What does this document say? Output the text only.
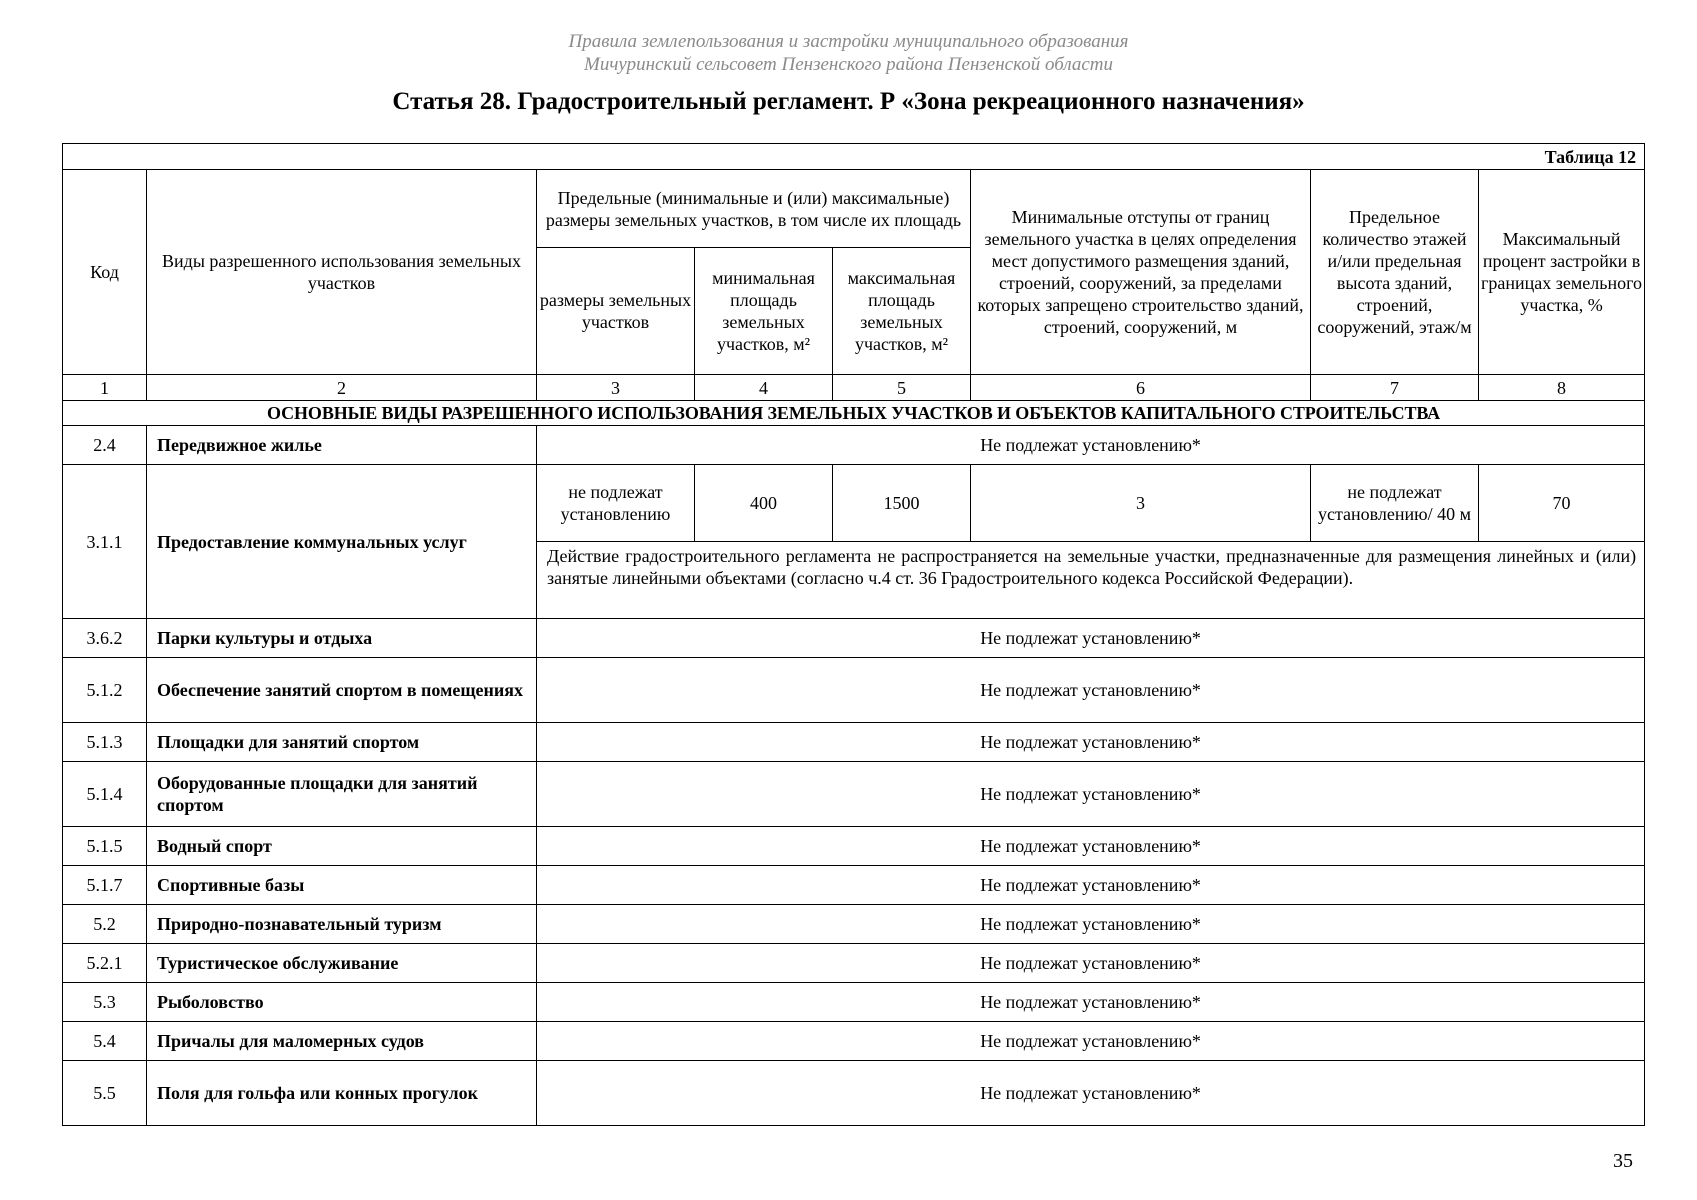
Правила землепользования и застройки муниципального образования
Мичуринский сельсовет Пензенского района Пензенской области
Статья 28. Градостроительный регламент. Р «Зона рекреационного назначения»
Таблица 12							
Код	Виды разрешенного использования земельных участков	Предельные (минимальные и (или) максимальные) размеры земельных участков, в том числе их площадь			Минимальные отступы от границ земельного участка в целях определения мест допустимого размещения зданий, строений, сооружений, за пределами которых запрещено строительство зданий, строений, сооружений, м	Предельное количество этажей и/или предельная высота зданий, строений, сооружений, этаж/м	Максимальный процент застройки в границах земельного участка, %
		размеры земельных участков	минимальная площадь земельных участков, м²	максимальная площадь земельных участков, м²			
1	2	3	4	5	6	7	8
ОСНОВНЫЕ ВИДЫ РАЗРЕШЕННОГО ИСПОЛЬЗОВАНИЯ ЗЕМЕЛЬНЫХ УЧАСТКОВ И ОБЪЕКТОВ КАПИТАЛЬНОГО СТРОИТЕЛЬСТВА							
2.4	Передвижное жилье	Не подлежат установлению*					
3.1.1	Предоставление коммунальных услуг	не подлежат установлению	400	1500	3	не подлежат установлению/ 40 м	70
		Действие градостроительного регламента не распространяется на земельные участки, предназначенные для размещения линейных и (или) занятые линейными объектами (согласно ч.4 ст. 36 Градостроительного кодекса Российской Федерации).					
3.6.2	Парки культуры и отдыха	Не подлежат установлению*					
5.1.2	Обеспечение занятий спортом в помещениях	Не подлежат установлению*					
5.1.3	Площадки для занятий спортом	Не подлежат установлению*					
5.1.4	Оборудованные площадки для занятий спортом	Не подлежат установлению*					
5.1.5	Водный спорт	Не подлежат установлению*					
5.1.7	Спортивные базы	Не подлежат установлению*					
5.2	Природно-познавательный туризм	Не подлежат установлению*					
5.2.1	Туристическое обслуживание	Не подлежат установлению*					
5.3	Рыболовство	Не подлежат установлению*					
5.4	Причалы для маломерных судов	Не подлежат установлению*					
5.5	Поля для гольфа или конных прогулок	Не подлежат установлению*					
35
